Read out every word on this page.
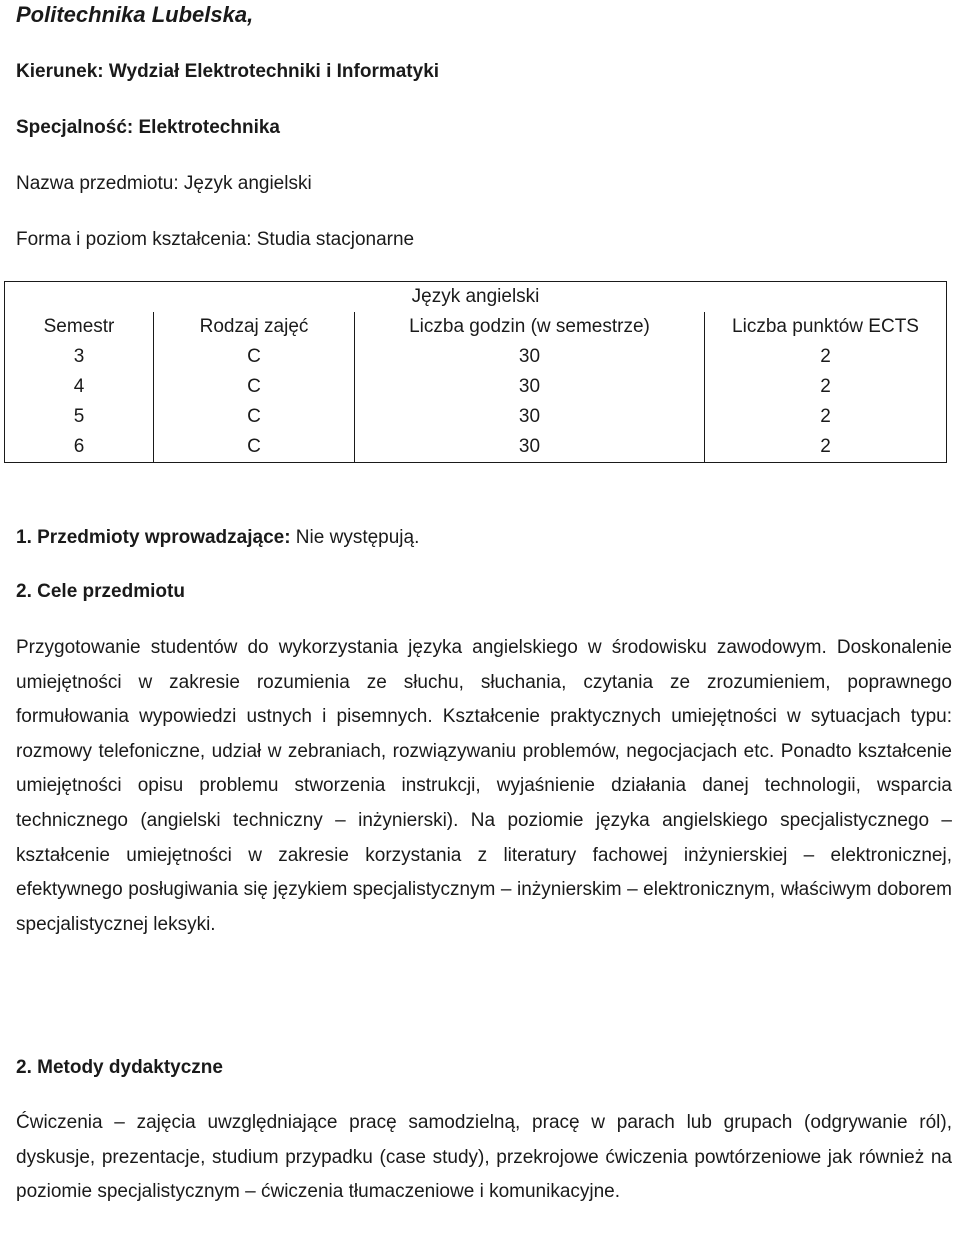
Politechnika Lubelska,

Kierunek: Wydział Elektrotechniki i Informatyki

Specjalność: Elektrotechnika

Nazwa przedmiotu: Język angielski

Forma i poziom kształcenia: Studia stacjonarne

Język angielski			
Semestr	Rodzaj zajęć	Liczba godzin (w semestrze)	Liczba punktów ECTS
3	C	30	2
4	C	30	2
5	C	30	2
6	C	30	2

1. Przedmioty wprowadzające: Nie występują.

2. Cele przedmiotu

Przygotowanie studentów do wykorzystania języka angielskiego w środowisku zawodowym. Doskonalenie umiejętności w zakresie rozumienia ze słuchu, słuchania, czytania ze zrozumieniem, poprawnego formułowania wypowiedzi ustnych i pisemnych. Kształcenie praktycznych umiejętności w sytuacjach typu: rozmowy telefoniczne, udział w zebraniach, rozwiązywaniu problemów, negocjacjach etc. Ponadto kształcenie umiejętności opisu problemu stworzenia instrukcji, wyjaśnienie działania danej technologii, wsparcia technicznego (angielski techniczny – inżynierski). Na poziomie języka angielskiego specjalistycznego – kształcenie umiejętności w zakresie korzystania z literatury fachowej inżynierskiej – elektronicznej, efektywnego posługiwania się językiem specjalistycznym – inżynierskim – elektronicznym, właściwym doborem specjalistycznej leksyki.

2. Metody dydaktyczne

Ćwiczenia – zajęcia uwzględniające pracę samodzielną, pracę w parach lub grupach (odgrywanie ról), dyskusje, prezentacje, studium przypadku (case study), przekrojowe ćwiczenia powtórzeniowe jak również na poziomie specjalistycznym – ćwiczenia tłumaczeniowe i komunikacyjne.
